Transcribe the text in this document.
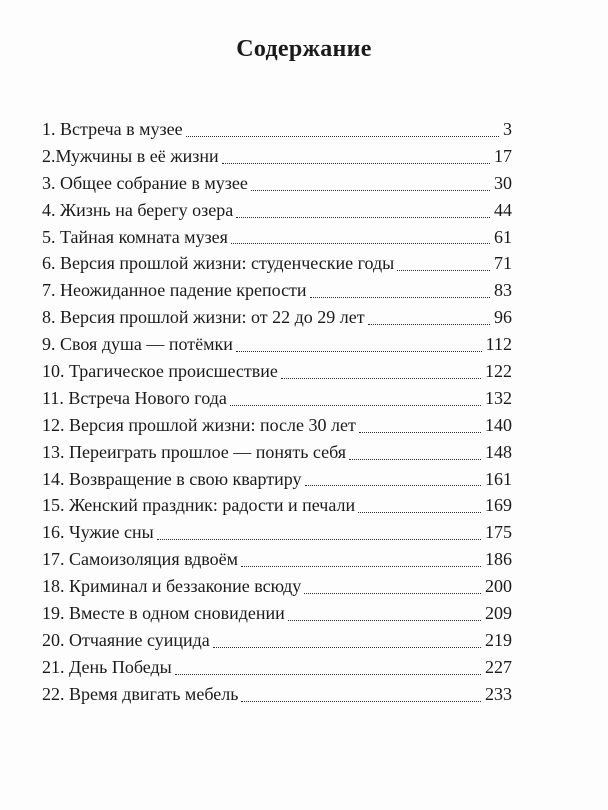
Содержание
1. Встреча в музее	3
2.Мужчины в её жизни	17
3. Общее собрание в музее	30
4. Жизнь на берегу озера	44
5. Тайная комната музея	61
6. Версия прошлой жизни: студенческие годы	71
7. Неожиданное падение крепости	83
8. Версия прошлой жизни: от 22 до 29 лет	96
9. Своя душа — потёмки	112
10. Трагическое происшествие	122
11. Встреча Нового года	132
12. Версия прошлой жизни: после 30 лет	140
13. Переиграть прошлое — понять себя	148
14. Возвращение в свою квартиру	161
15. Женский праздник: радости и печали	169
16. Чужие сны	175
17. Самоизоляция вдвоём	186
18. Криминал и беззаконие всюду	200
19. Вместе в одном сновидении	209
20. Отчаяние суицида	219
21. День Победы	227
22. Время двигать мебель	233
